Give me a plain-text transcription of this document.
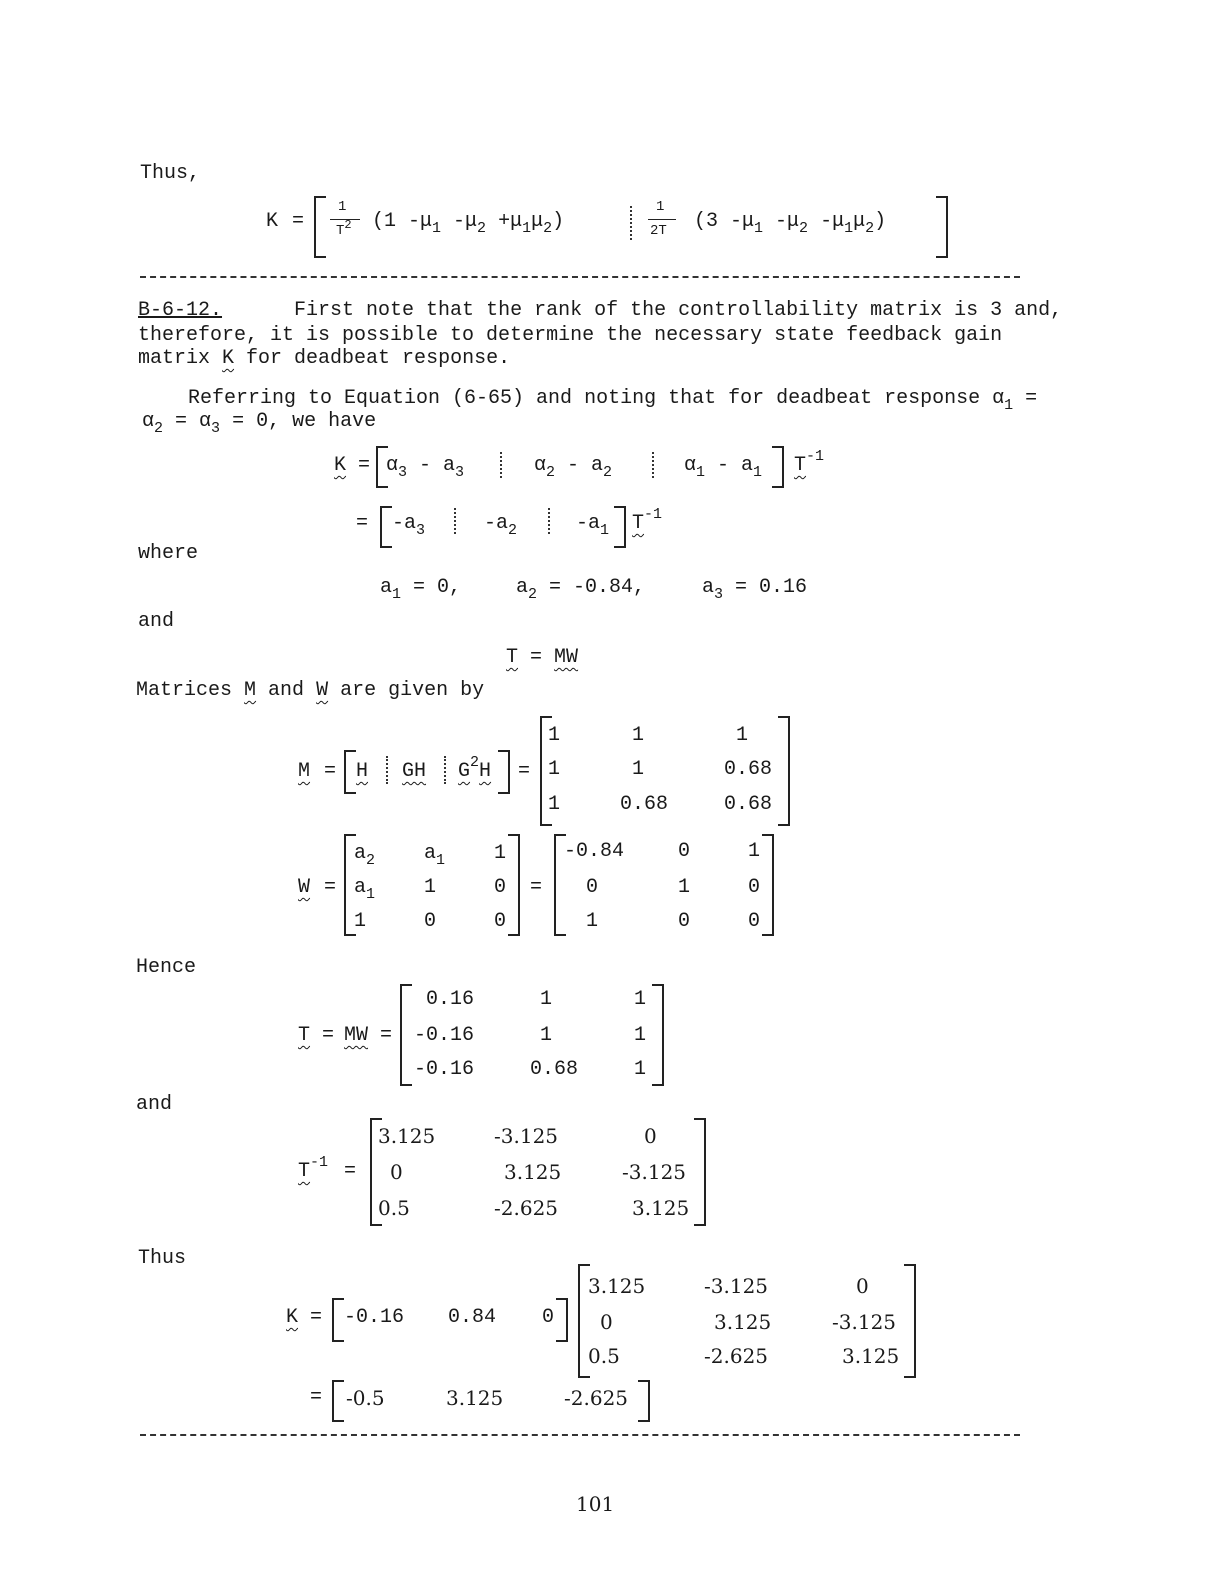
Thus,
K =
1
T2 (1 $-\mu_1$ $-\mu_2 +\mu_1\mu_2$)
1
2T (3 $-\mu_1$ $-\mu_2$ $-\mu_1\mu_2$)
B-6-12.	First note that the rank of the controllability matrix is 3 and,
therefore, it is possible to determine the necessary state feedback gain
matrix K for deadbeat response.
Referring to Equation (6-65) and noting that for deadbeat response $\alpha_1$ =
$\alpha_2 = \alpha_3 = 0$, we have
$K = \alpha_3 - a_3$	$\alpha_2 - a_2$	$\alpha_1 - a_1$ $T^{-1}$
= $-a_3$	$-a_2$	$-a_1$ $T^{-1}$
where
$a_1 = 0$,	$a_2 = -0.84$,	$a_3 = 0.16$
and
T = MW
Matrices M and W are given by
M = H GH $G^2H$ =
1	1	1
1	1	0.68
1	0.68	0.68
W =
$a_2$ $a_1$ 1
$a_1$ 1	0
1	0	0
=
-0.84	0	1
0	1	0
1	0	0
Hence
T = MW =
0.16	1	1
-0.16	1	1
-0.16	0.68	1
and
$T^{-1}$ =
3.125	-3.125	0
0	3.125	-3.125
0.5	-2.625	3.125
Thus
K = -0.16 0.84 0
3.125	-3.125	0
0	3.125	-3.125
0.5	-2.625	3.125
= -0.5	3.125	-2.625
101
